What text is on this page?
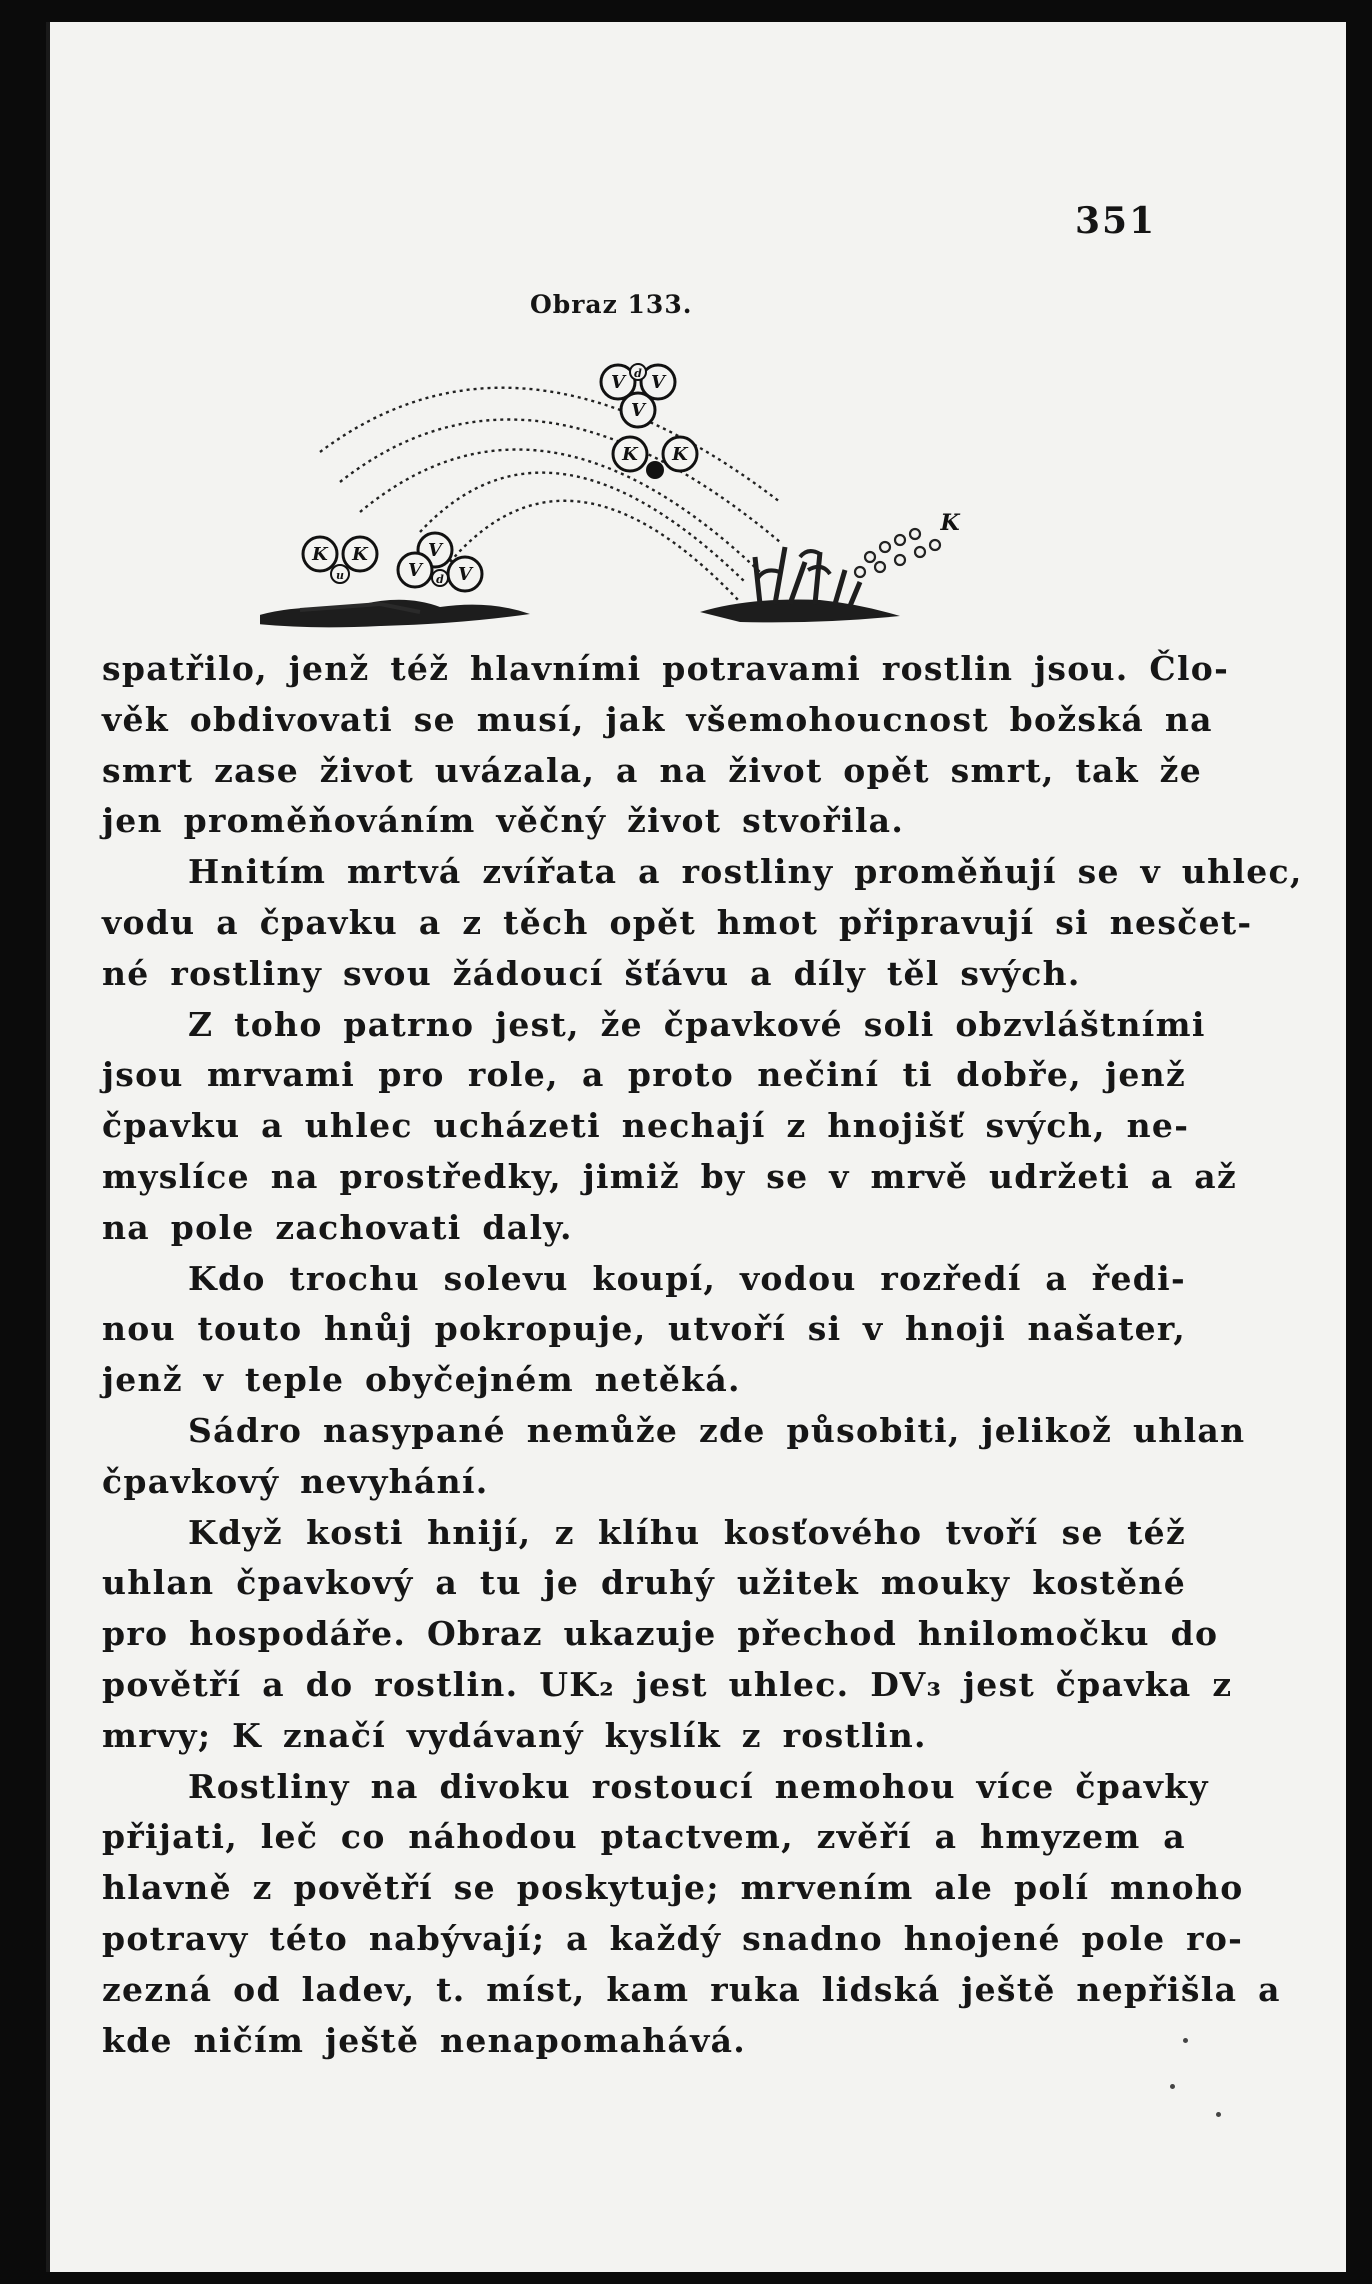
351
Obraz 133.
V V
V
d
K K
K K
u
V
V V
d
K
spatřilo, jenž též hlavními potravami rostlin jsou. Člo-
věk obdivovati se musí, jak všemohoucnost božská na
smrt zase život uvázala, a na život opět smrt, tak že
jen proměňováním věčný život stvořila.
Hnitím mrtvá zvířata a rostliny proměňují se v uhlec,
vodu a čpavku a z těch opět hmot připravují si nesčet-
né rostliny svou žádoucí šťávu a díly těl svých.
Z toho patrno jest, že čpavkové soli obzvláštními
jsou mrvami pro role, a proto nečiní ti dobře, jenž
čpavku a uhlec ucházeti nechají z hnojišť svých, ne-
myslíce na prostředky, jimiž by se v mrvě udržeti a až
na pole zachovati daly.
Kdo trochu solevu koupí, vodou rozředí a ředi-
nou touto hnůj pokropuje, utvoří si v hnoji našater,
jenž v teple obyčejném netěká.
Sádro nasypané nemůže zde působiti, jelikož uhlan
čpavkový nevyhání.
Když kosti hnijí, z klíhu kosťového tvoří se též
uhlan čpavkový a tu je druhý užitek mouky kostěné
pro hospodáře. Obraz ukazuje přechod hnilomočku do
povětří a do rostlin. UK₂ jest uhlec. DV₃ jest čpavka z
mrvy; K značí vydávaný kyslík z rostlin.
Rostliny na divoku rostoucí nemohou více čpavky
přijati, leč co náhodou ptactvem, zvěří a hmyzem a
hlavně z povětří se poskytuje; mrvením ale polí mnoho
potravy této nabývají; a každý snadno hnojené pole ro-
zezná od ladev, t. míst, kam ruka lidská ještě nepřišla a
kde ničím ještě nenapomahává.
